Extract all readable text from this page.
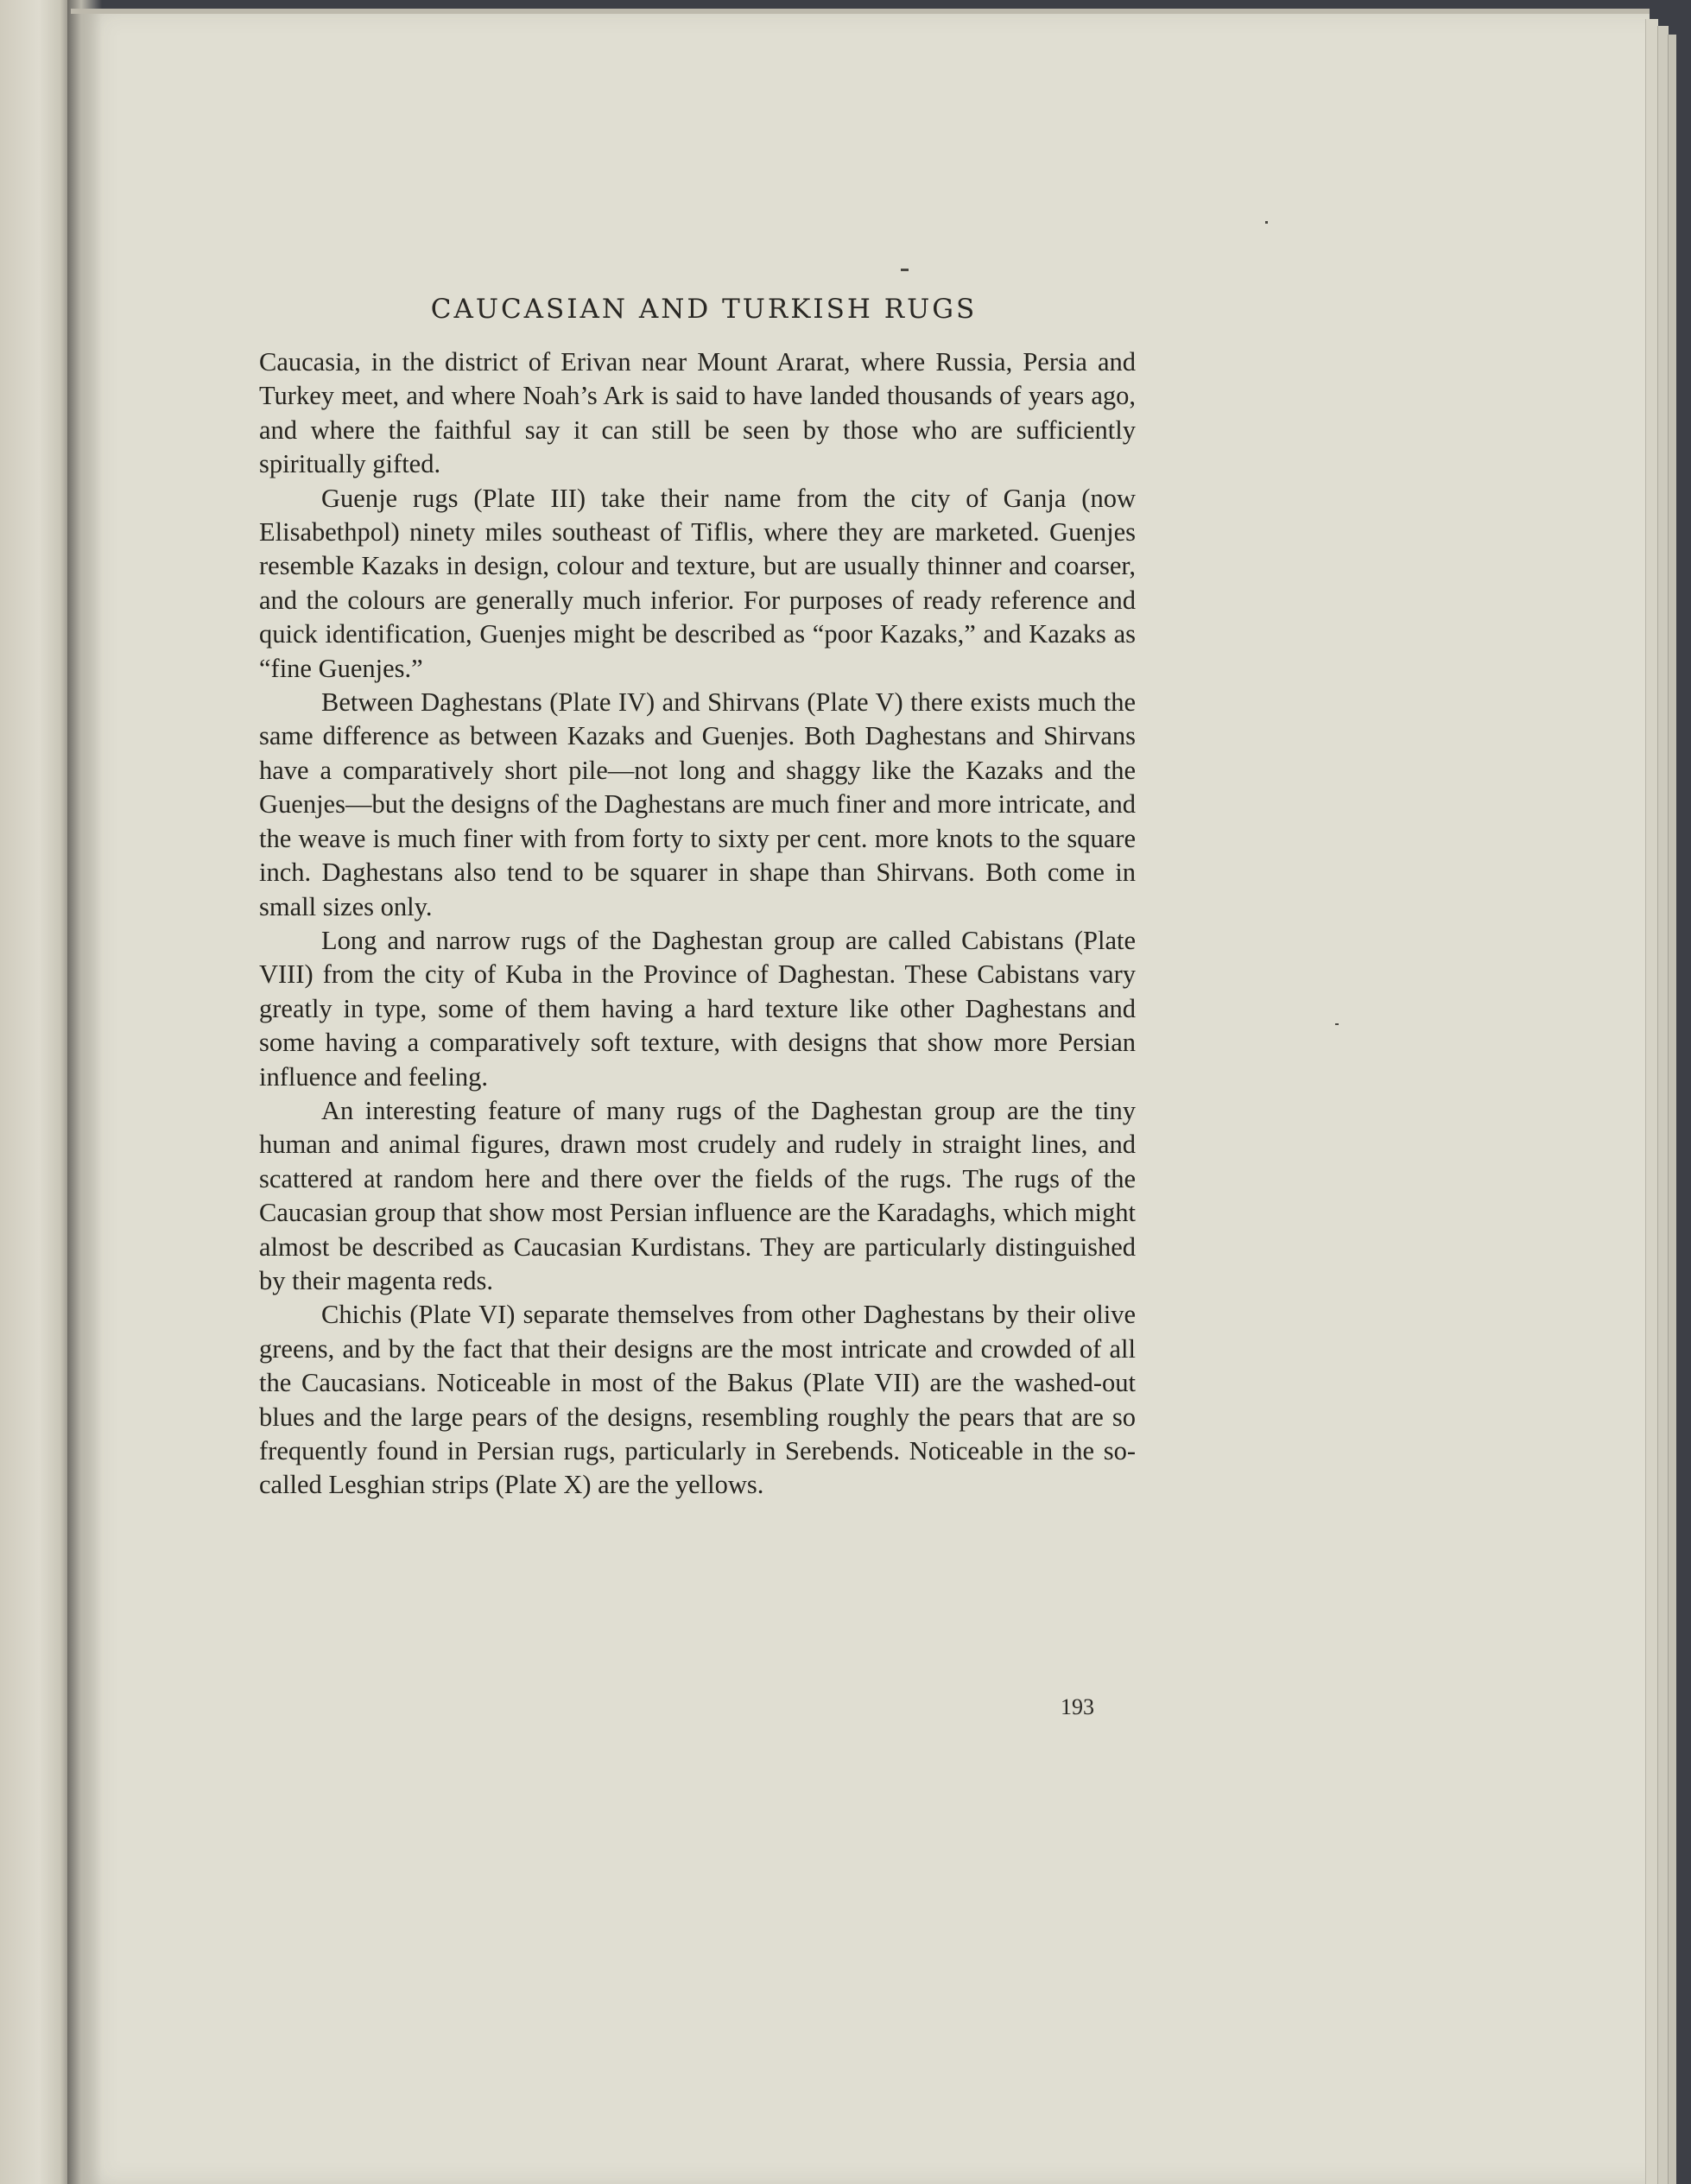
CAUCASIAN AND TURKISH RUGS

Caucasia, in the district of Erivan near Mount Ararat, where Russia, Persia and Turkey meet, and where Noah’s Ark is said to have landed thousands of years ago, and where the faithful say it can still be seen by those who are sufficiently spiritually gifted.

Guenje rugs (Plate III) take their name from the city of Ganja (now Elisabethpol) ninety miles southeast of Tiflis, where they are marketed. Guenjes resemble Kazaks in design, colour and texture, but are usually thinner and coarser, and the colours are generally much inferior. For purposes of ready reference and quick identification, Guenjes might be described as “poor Kazaks,” and Kazaks as “fine Guenjes.”

Between Daghestans (Plate IV) and Shirvans (Plate V) there exists much the same difference as between Kazaks and Guenjes. Both Daghestans and Shirvans have a comparatively short pile—not long and shaggy like the Kazaks and the Guenjes—but the designs of the Daghestans are much finer and more intricate, and the weave is much finer with from forty to sixty per cent. more knots to the square inch. Daghestans also tend to be squarer in shape than Shirvans. Both come in small sizes only.

Long and narrow rugs of the Daghestan group are called Cabistans (Plate VIII) from the city of Kuba in the Province of Daghestan. These Cabistans vary greatly in type, some of them having a hard texture like other Daghestans and some having a comparatively soft texture, with designs that show more Persian influence and feeling.

An interesting feature of many rugs of the Daghestan group are the tiny human and animal figures, drawn most crudely and rudely in straight lines, and scattered at random here and there over the fields of the rugs. The rugs of the Caucasian group that show most Persian influence are the Karadaghs, which might almost be described as Caucasian Kurdistans. They are particularly distinguished by their magenta reds.

Chichis (Plate VI) separate themselves from other Daghestans by their olive greens, and by the fact that their designs are the most intricate and crowded of all the Caucasians. Noticeable in most of the Bakus (Plate VII) are the washed-out blues and the large pears of the designs, resembling roughly the pears that are so frequently found in Persian rugs, particularly in Serebends. Noticeable in the so-called Lesghian strips (Plate X) are the yellows.

193
